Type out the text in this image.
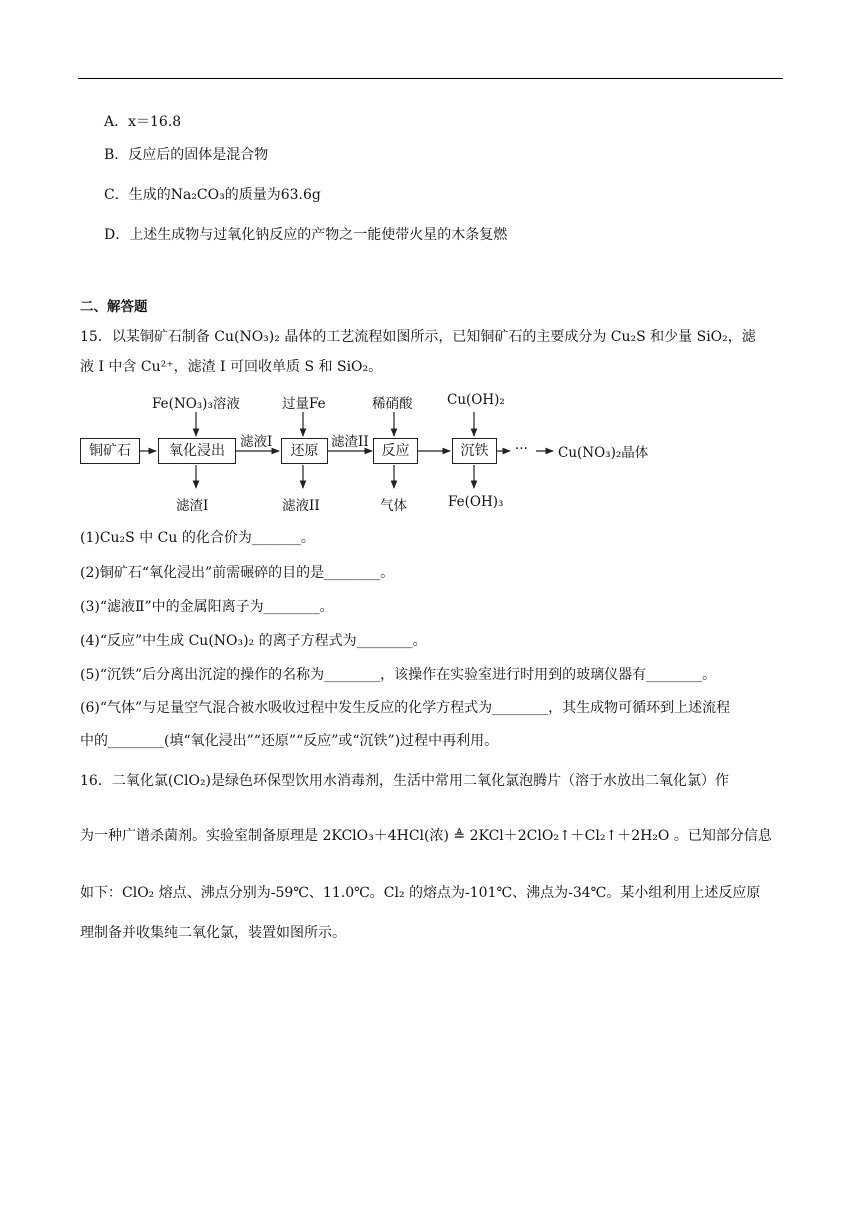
A．x＝16.8
B．反应后的固体是混合物
C．生成的Na₂CO₃的质量为63.6g
D．上述生成物与过氧化钠反应的产物之一能使带火星的木条复燃
二、解答题
15．以某铜矿石制备 Cu(NO₃)₂ 晶体的工艺流程如图所示，已知铜矿石的主要成分为 Cu₂S 和少量 SiO₂，滤
液 I 中含 Cu²⁺，滤渣 I 可回收单质 S 和 SiO₂。
铜矿石	氧化浸出	还原	反应	沉铁
Fe(NO₃)₃溶液	过量Fe	稀硝酸	Cu(OH)₂
滤液I	滤渣II
滤渣I	滤液II	气体	Fe(OH)₃
··· Cu(NO₃)₂晶体
(1)Cu₂S 中 Cu 的化合价为_______。
(2)铜矿石“氧化浸出”前需碾碎的目的是________。
(3)“滤液Ⅱ”中的金属阳离子为________。
(4)“反应”中生成 Cu(NO₃)₂ 的离子方程式为________。
(5)“沉铁”后分离出沉淀的操作的名称为________，该操作在实验室进行时用到的玻璃仪器有________。
(6)“气体”与足量空气混合被水吸收过程中发生反应的化学方程式为________，其生成物可循环到上述流程
中的________(填“氧化浸出”“还原”“反应”或“沉铁”)过程中再利用。
16．二氧化氯(ClO₂)是绿色环保型饮用水消毒剂，生活中常用二氧化氯泡腾片（溶于水放出二氧化氯）作
为一种广谱杀菌剂。实验室制备原理是 2KClO₃＋4HCl(浓) ≜ 2KCl＋2ClO₂↑＋Cl₂↑＋2H₂O 。已知部分信息
如下：ClO₂ 熔点、沸点分别为-59℃、11.0℃。Cl₂ 的熔点为-101℃、沸点为-34℃。某小组利用上述反应原
理制备并收集纯二氧化氯，装置如图所示。
